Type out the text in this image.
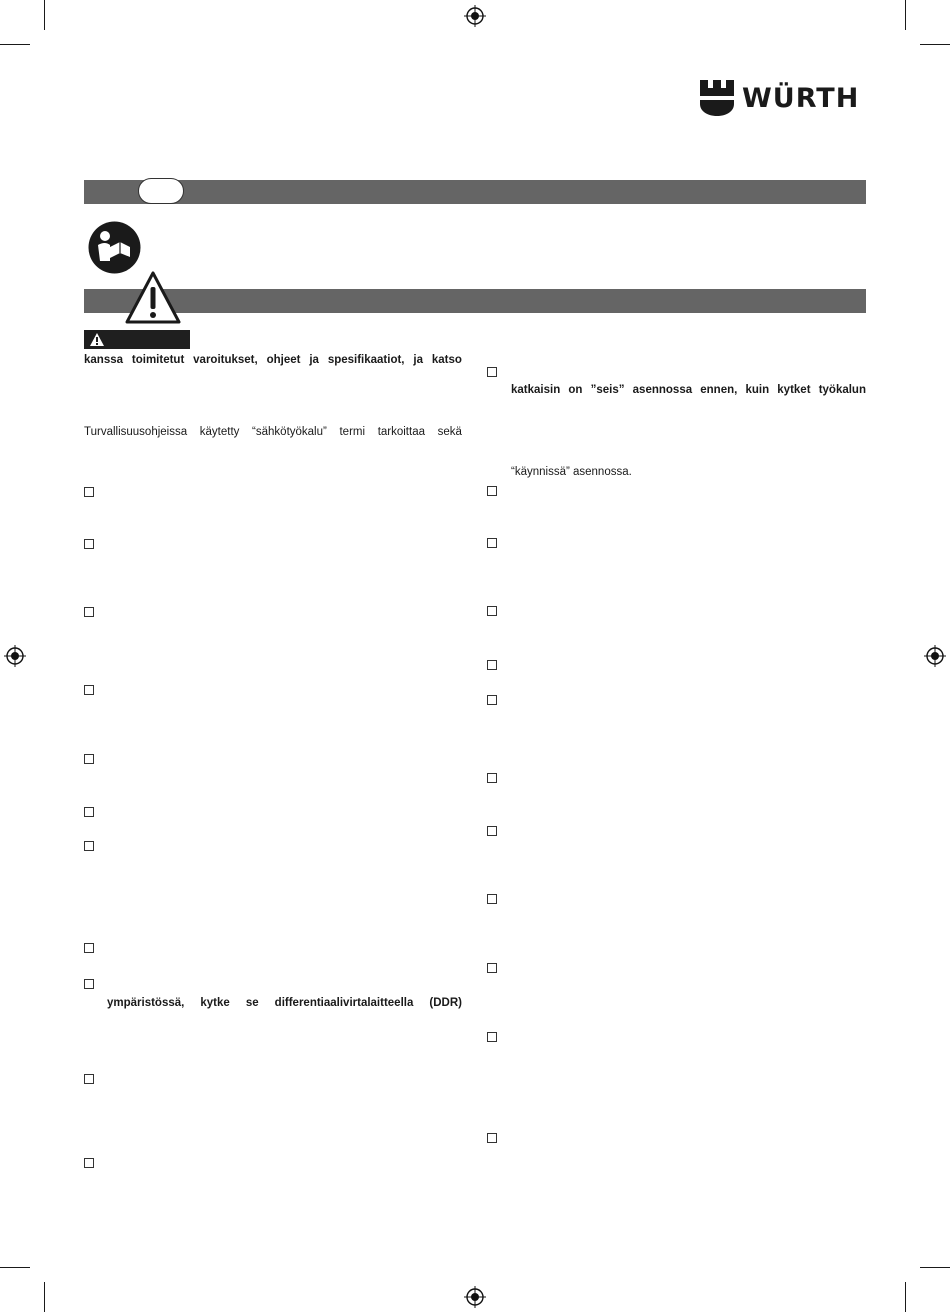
WÜRTH
kanssa toimitetut varoitukset, ohjeet ja spesifikaatiot, ja katso
Turvallisuusohjeissa käytetty “sähkötyökalu” termi tarkoittaa sekä
ympäristössä, kytke se differentiaalivirtalaitteella (DDR)
katkaisin on ”seis” asennossa ennen, kuin kytket työkalun
“käynnissä” asennossa.
